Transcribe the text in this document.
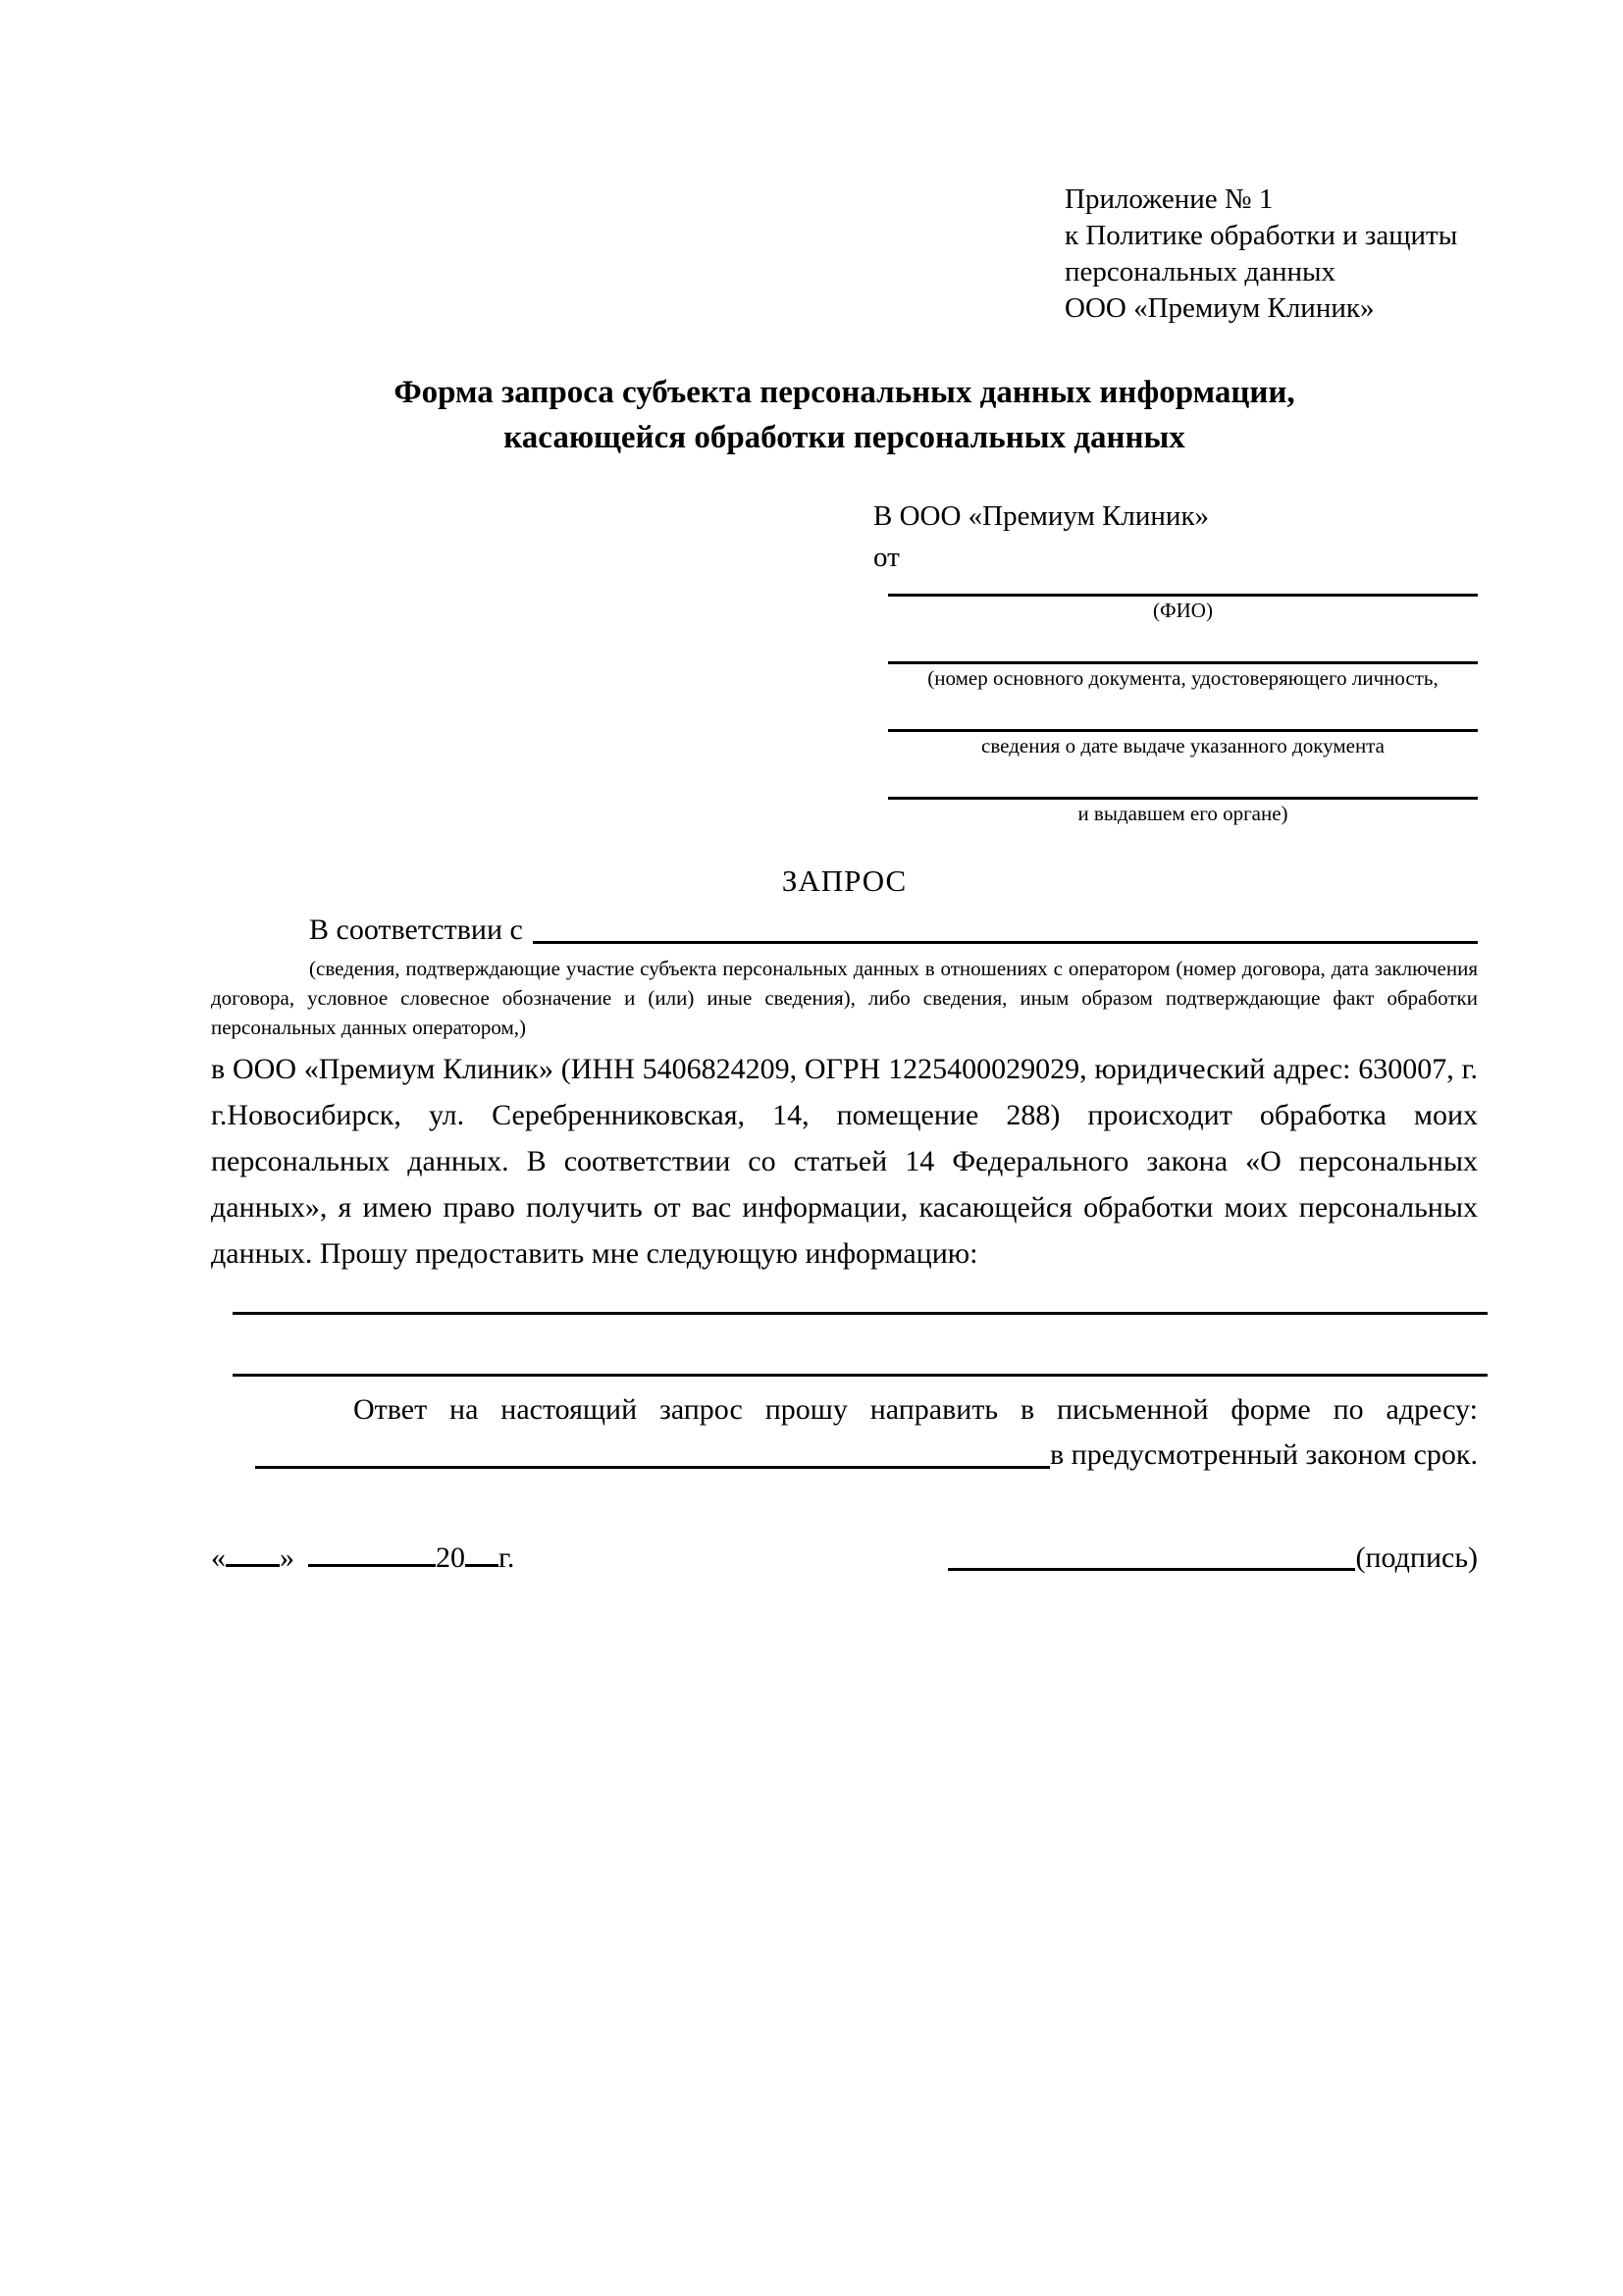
Приложение № 1
к Политике обработки и защиты
персональных данных
ООО «Премиум Клиник»
Форма запроса субъекта персональных данных информации,
касающейся обработки персональных данных
В ООО «Премиум Клиник»
от
(ФИО)
(номер основного документа, удостоверяющего личность,
сведения о дате выдаче указанного документа
и выдавшем его органе)
ЗАПРОС
В соответствии с
(сведения, подтверждающие участие субъекта персональных данных в отношениях с оператором (номер договора, дата заключения договора, условное словесное обозначение и (или) иные сведения), либо сведения, иным образом подтверждающие факт обработки персональных данных оператором,)
в ООО «Премиум Клиник» (ИНН 5406824209, ОГРН 1225400029029, юридический адрес: 630007, г. г.Новосибирск, ул. Серебренниковская, 14, помещение 288) происходит обработка моих персональных данных. В соответствии со статьей 14 Федерального закона «О персональных данных», я имею право получить от вас информации, касающейся обработки моих персональных данных. Прошу предоставить мне следующую информацию:

Ответ на настоящий запрос прошу направить в письменной форме по адресу:

в предусмотренный законом срок.
« »	20 г.	(подпись)
